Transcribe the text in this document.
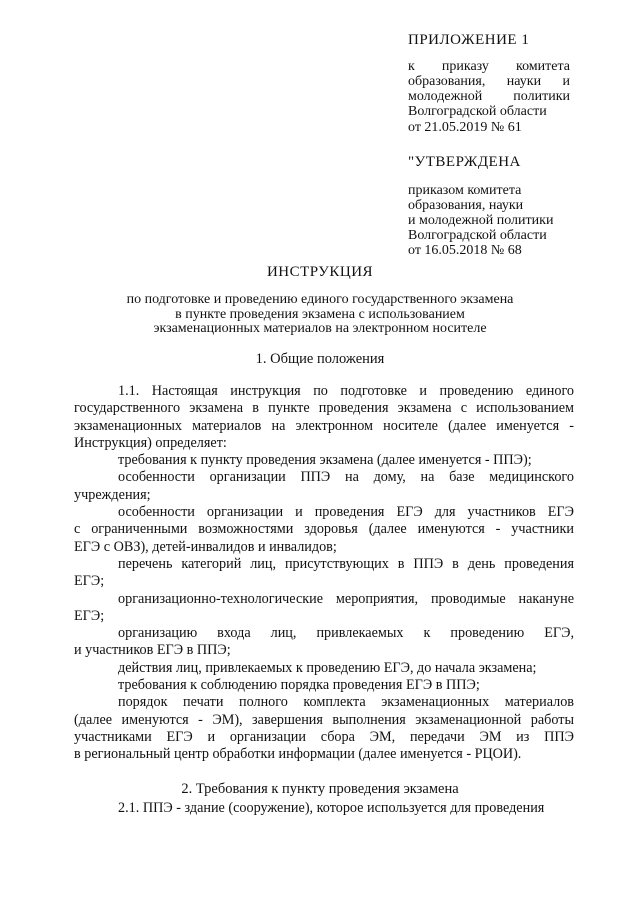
ПРИЛОЖЕНИЕ 1
к приказу комитета
образования, науки и
молодежной политики
Волгоградской области
от 21.05.2019 № 61
"УТВЕРЖДЕНА
приказом комитета
образования, науки
и молодежной политики
Волгоградской области
от 16.05.2018 № 68
ИНСТРУКЦИЯ
по подготовке и проведению единого государственного экзамена
в пункте проведения экзамена с использованием
экзаменационных материалов на электронном носителе
1. Общие положения
1.1. Настоящая инструкция по подготовке и проведению единого
государственного экзамена в пункте проведения экзамена с использованием
экзаменационных материалов на электронном носителе (далее именуется -
Инструкция) определяет:
требования к пункту проведения экзамена (далее именуется - ППЭ);
особенности организации ППЭ на дому, на базе медицинского
учреждения;
особенности организации и проведения ЕГЭ для участников ЕГЭ
с ограниченными возможностями здоровья (далее именуются - участники
ЕГЭ с ОВЗ), детей-инвалидов и инвалидов;
перечень категорий лиц, присутствующих в ППЭ в день проведения
ЕГЭ;
организационно-технологические мероприятия, проводимые накануне
ЕГЭ;
организацию входа лиц, привлекаемых к проведению ЕГЭ,
и участников ЕГЭ в ППЭ;
действия лиц, привлекаемых к проведению ЕГЭ, до начала экзамена;
требования к соблюдению порядка проведения ЕГЭ в ППЭ;
порядок печати полного комплекта экзаменационных материалов
(далее именуются - ЭМ), завершения выполнения экзаменационной работы
участниками ЕГЭ и организации сбора ЭМ, передачи ЭМ из ППЭ
в региональный центр обработки информации (далее именуется - РЦОИ).
2. Требования к пункту проведения экзамена
2.1. ППЭ - здание (сооружение), которое используется для проведения
